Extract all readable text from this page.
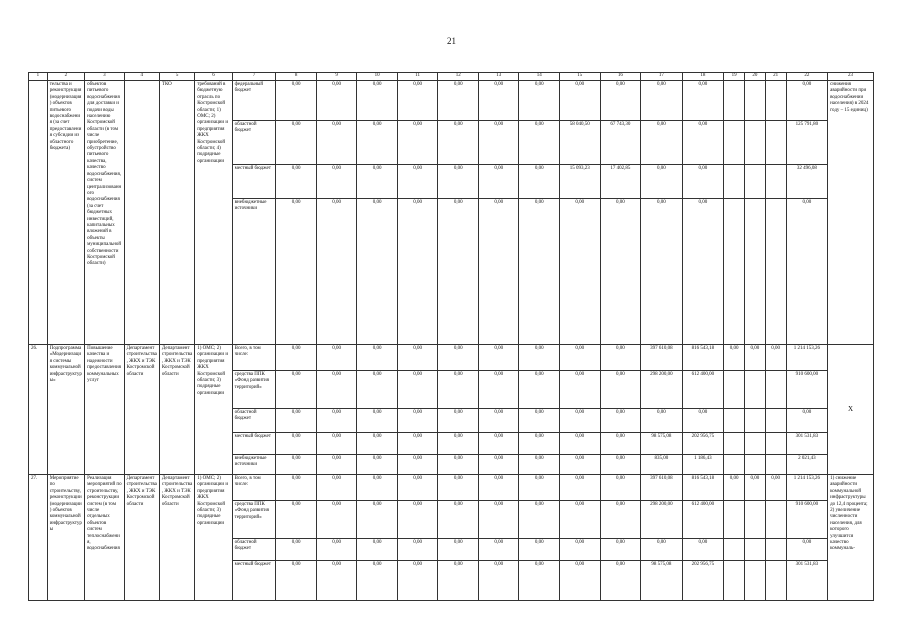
21
1	2	3	4	5	6	7	8	9	10	11	12	13	14	15	16	17	18	19	20	21	22	23
	тельства и реконструкция (модернизация) объектов питьевого водоснабжения (за счет предоставления субсидии из областного бюджета)	объектов питьевого водоснабжения для доставки и подачи воды населению Костромской области (в том числе приобретение, обустройство питьевого качества, качество водоснабжения, систем централизованного водоснабжения (за счет бюджетных инвестиций, капитальных вложений в объекты муниципальной собственности Костромской области)		ТКО	требований в бюджетную отрасль по Костромской области; 1) ОМС; 2) организации и предприятия ЖКХ Костромской области; 4) подрядные организации	федеральный бюджет	0,00	0,00	0,00	0,00	0,00	0,00	0,00	0,00	0,00	0,00	0,00				0,00	снижения аварийности при водоснабжении населения) в 2024 году – 15 единиц)
						областной бюджет	0,00	0,00	0,00	0,00	0,00	0,00	0,00	58 040,50	67 743,30	0,00	0,00				125 791,80	
						местный бюджет	0,00	0,00	0,00	0,00	0,00	0,00	0,00	15 093,23	17 402,85	0,00	0,00				32 496,08	
						внебюджетные источники	0,00	0,00	0,00	0,00	0,00	0,00	0,00	0,00	0,00	0,00	0,00				0,00	
26.	Подпрограмма «Модернизация системы коммунальной инфраструктуры»	Повышение качества и надежности предоставления коммунальных услуг	Департамент строительства, ЖКХ и ТЭК Костромской области	Департамент строительства, ЖКХ и ТЭК Костромской области	1) ОМС; 2) организации и предприятия ЖКХ Костромской области; 3) подрядные организации	Всего, в том числе:	0,00	0,00	0,00	0,00	0,00	0,00	0,00	0,00	0,00	397 610,08	816 543,18	0,00	0,00	0,00	1 214 153,26	X
						средства ППК «Фонд развития территорий»	0,00	0,00	0,00	0,00	0,00	0,00	0,00	0,00	0,00	298 200,00	612 400,00				910 600,00	
						областной бюджет	0,00	0,00	0,00	0,00	0,00	0,00	0,00	0,00	0,00	0,00	0,00				0,00	
						местный бюджет	0,00	0,00	0,00	0,00	0,00	0,00	0,00	0,00	0,00	98 575,08	202 956,75				301 531,83	
						внебюджетные источники	0,00	0,00	0,00	0,00	0,00	0,00	0,00	0,00	0,00	835,00	1 186,43				2 021,43	
27.	Мероприятие по строительству, реконструкции (модернизации) объектов коммунальной инфраструктуры	Реализация мероприятий по строительству, реконструкции систем (в том числе отдельных объектов систем теплоснабжения, водоснабжения	Департамент строительства, ЖКХ и ТЭК Костромской области	Департамент строительства, ЖКХ и ТЭК Костромской области	1) ОМС; 2) организации и предприятия ЖКХ Костромской области; 3) подрядные организации	Всего, в том числе:	0,00	0,00	0,00	0,00	0,00	0,00	0,00	0,00	0,00	397 610,08	816 543,18	0,00	0,00	0,00	1 214 153,26	1) снижение аварийности коммунальной инфраструктуры до 12,4 процента; 2) увеличение численности населения, для которого улучшится качество коммуналь-
						средства ППК «Фонд развития территорий»	0,00	0,00	0,00	0,00	0,00	0,00	0,00	0,00	0,00	298 200,00	612 400,00				910 600,00	
						областной бюджет	0,00	0,00	0,00	0,00	0,00	0,00	0,00	0,00	0,00	0,00	0,00				0,00	
						местный бюджет	0,00	0,00	0,00	0,00	0,00	0,00	0,00	0,00	0,00	98 575,08	202 956,75				301 531,83	
